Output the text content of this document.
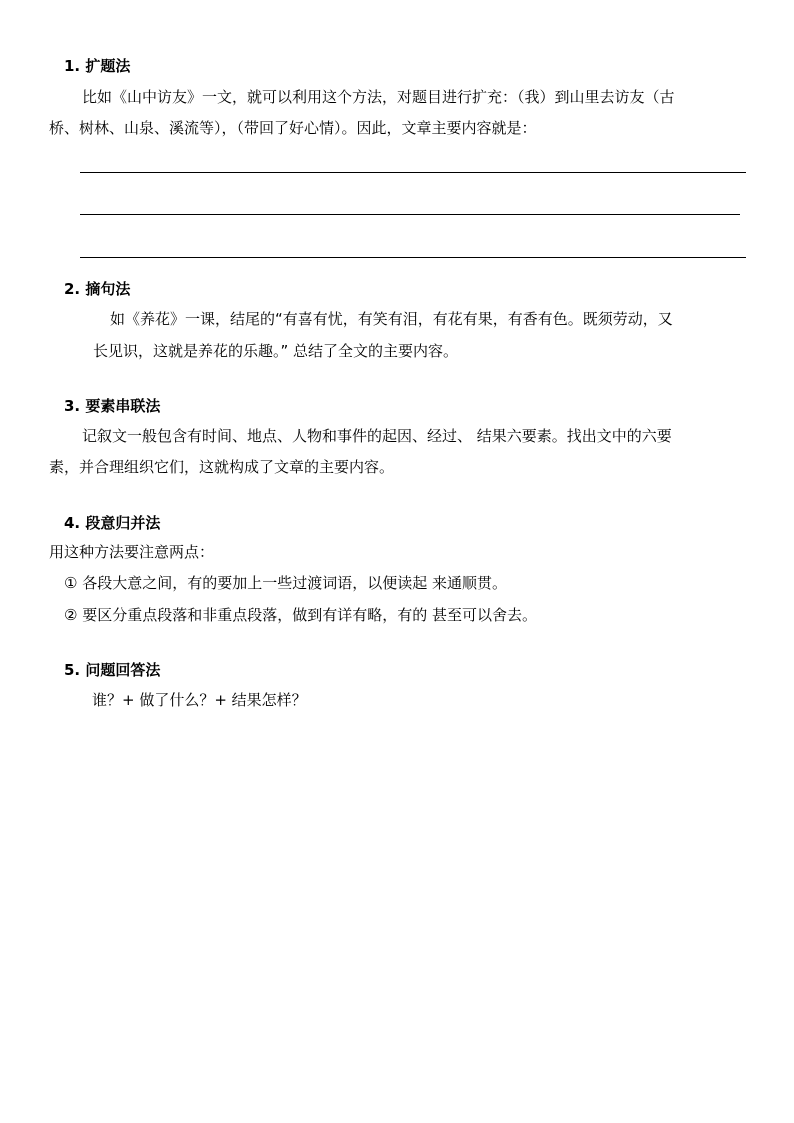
1. 扩题法
比如《山中访友》一文，就可以利用这个方法，对题目进行扩充：（我）到山里去访友（古
桥、树林、山泉、溪流等），（带回了好心情）。因此，文章主要内容就是：
2. 摘句法
如《养花》一课，结尾的“有喜有忧，有笑有泪，有花有果，有香有色。既须劳动，又
长见识，这就是养花的乐趣。” 总结了全文的主要内容。
3. 要素串联法
记叙文一般包含有时间、地点、人物和事件的起因、经过、 结果六要素。找出文中的六要
素，并合理组织它们，这就构成了文章的主要内容。
4. 段意归并法
用这种方法要注意两点：
① 各段大意之间，有的要加上一些过渡词语，以便读起 来通顺贯。
② 要区分重点段落和非重点段落，做到有详有略，有的 甚至可以舍去。
5. 问题回答法
谁？+ 做了什么？+ 结果怎样？
